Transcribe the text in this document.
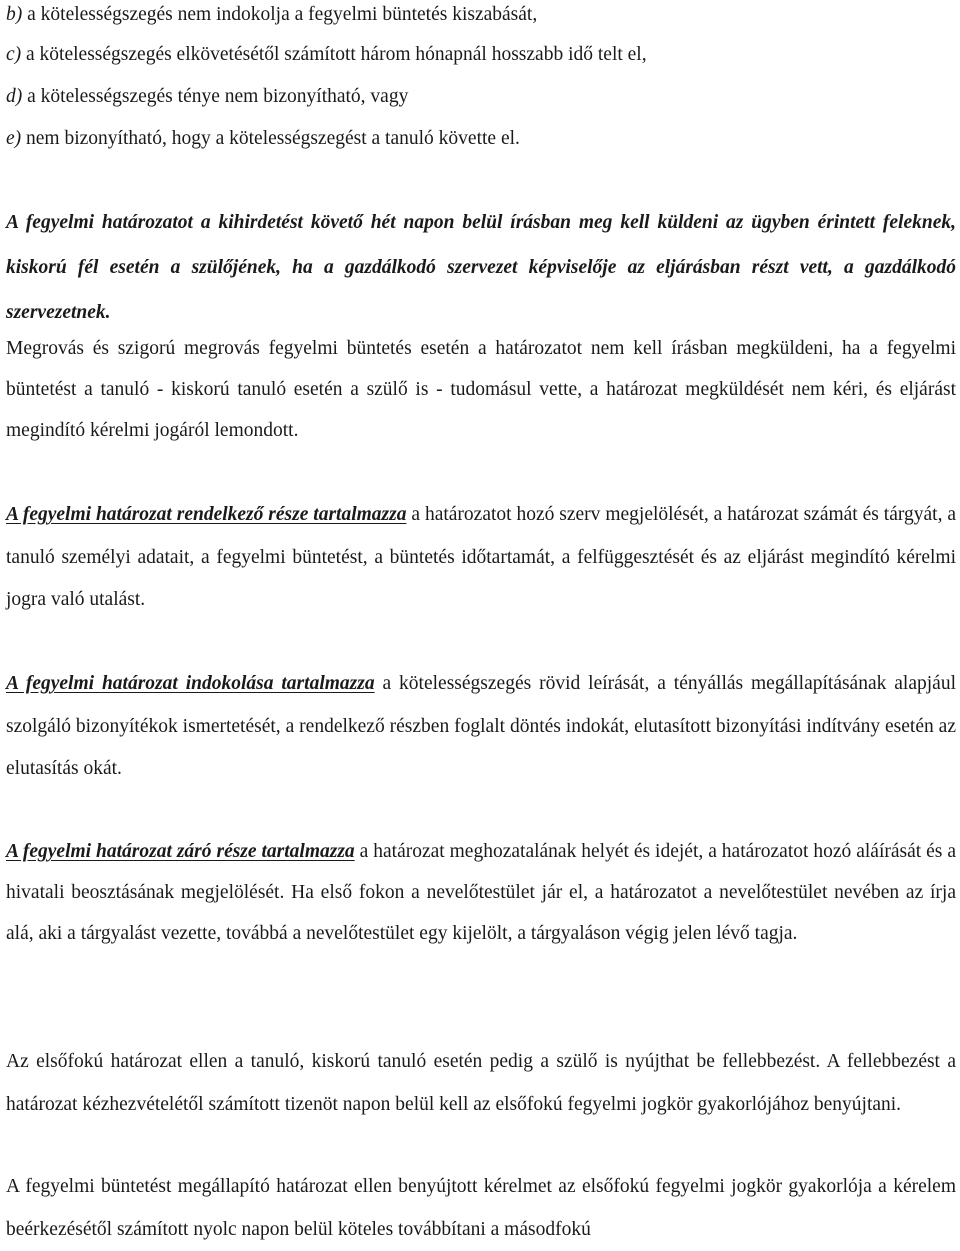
b) a kötelességszegés nem indokolja a fegyelmi büntetés kiszabását,
c) a kötelességszegés elkövetésétől számított három hónapnál hosszabb idő telt el,
d) a kötelességszegés ténye nem bizonyítható, vagy
e) nem bizonyítható, hogy a kötelességszegést a tanuló követte el.

A fegyelmi határozatot a kihirdetést követő hét napon belül írásban meg kell küldeni az ügyben érintett feleknek, kiskorú fél esetén a szülőjének, ha a gazdálkodó szervezet képviselője az eljárásban részt vett, a gazdálkodó szervezetnek.

Megrovás és szigorú megrovás fegyelmi büntetés esetén a határozatot nem kell írásban megküldeni, ha a fegyelmi büntetést a tanuló - kiskorú tanuló esetén a szülő is - tudomásul vette, a határozat megküldését nem kéri, és eljárást megindító kérelmi jogáról lemondott.

A fegyelmi határozat rendelkező része tartalmazza a határozatot hozó szerv megjelölését, a határozat számát és tárgyát, a tanuló személyi adatait, a fegyelmi büntetést, a büntetés időtartamát, a felfüggesztését és az eljárást megindító kérelmi jogra való utalást.

A fegyelmi határozat indokolása tartalmazza a kötelességszegés rövid leírását, a tényállás megállapításának alapjául szolgáló bizonyítékok ismertetését, a rendelkező részben foglalt döntés indokát, elutasított bizonyítási indítvány esetén az elutasítás okát.

A fegyelmi határozat záró része tartalmazza a határozat meghozatalának helyét és idejét, a határozatot hozó aláírását és a hivatali beosztásának megjelölését. Ha első fokon a nevelőtestület jár el, a határozatot a nevelőtestület nevében az írja alá, aki a tárgyalást vezette, továbbá a nevelőtestület egy kijelölt, a tárgyaláson végig jelen lévő tagja.

Az elsőfokú határozat ellen a tanuló, kiskorú tanuló esetén pedig a szülő is nyújthat be fellebbezést. A fellebbezést a határozat kézhezvételétől számított tizenöt napon belül kell az elsőfokú fegyelmi jogkör gyakorlójához benyújtani.

A fegyelmi büntetést megállapító határozat ellen benyújtott kérelmet az elsőfokú fegyelmi jogkör gyakorlója a kérelem beérkezésétől számított nyolc napon belül köteles továbbítani a másodfokú
